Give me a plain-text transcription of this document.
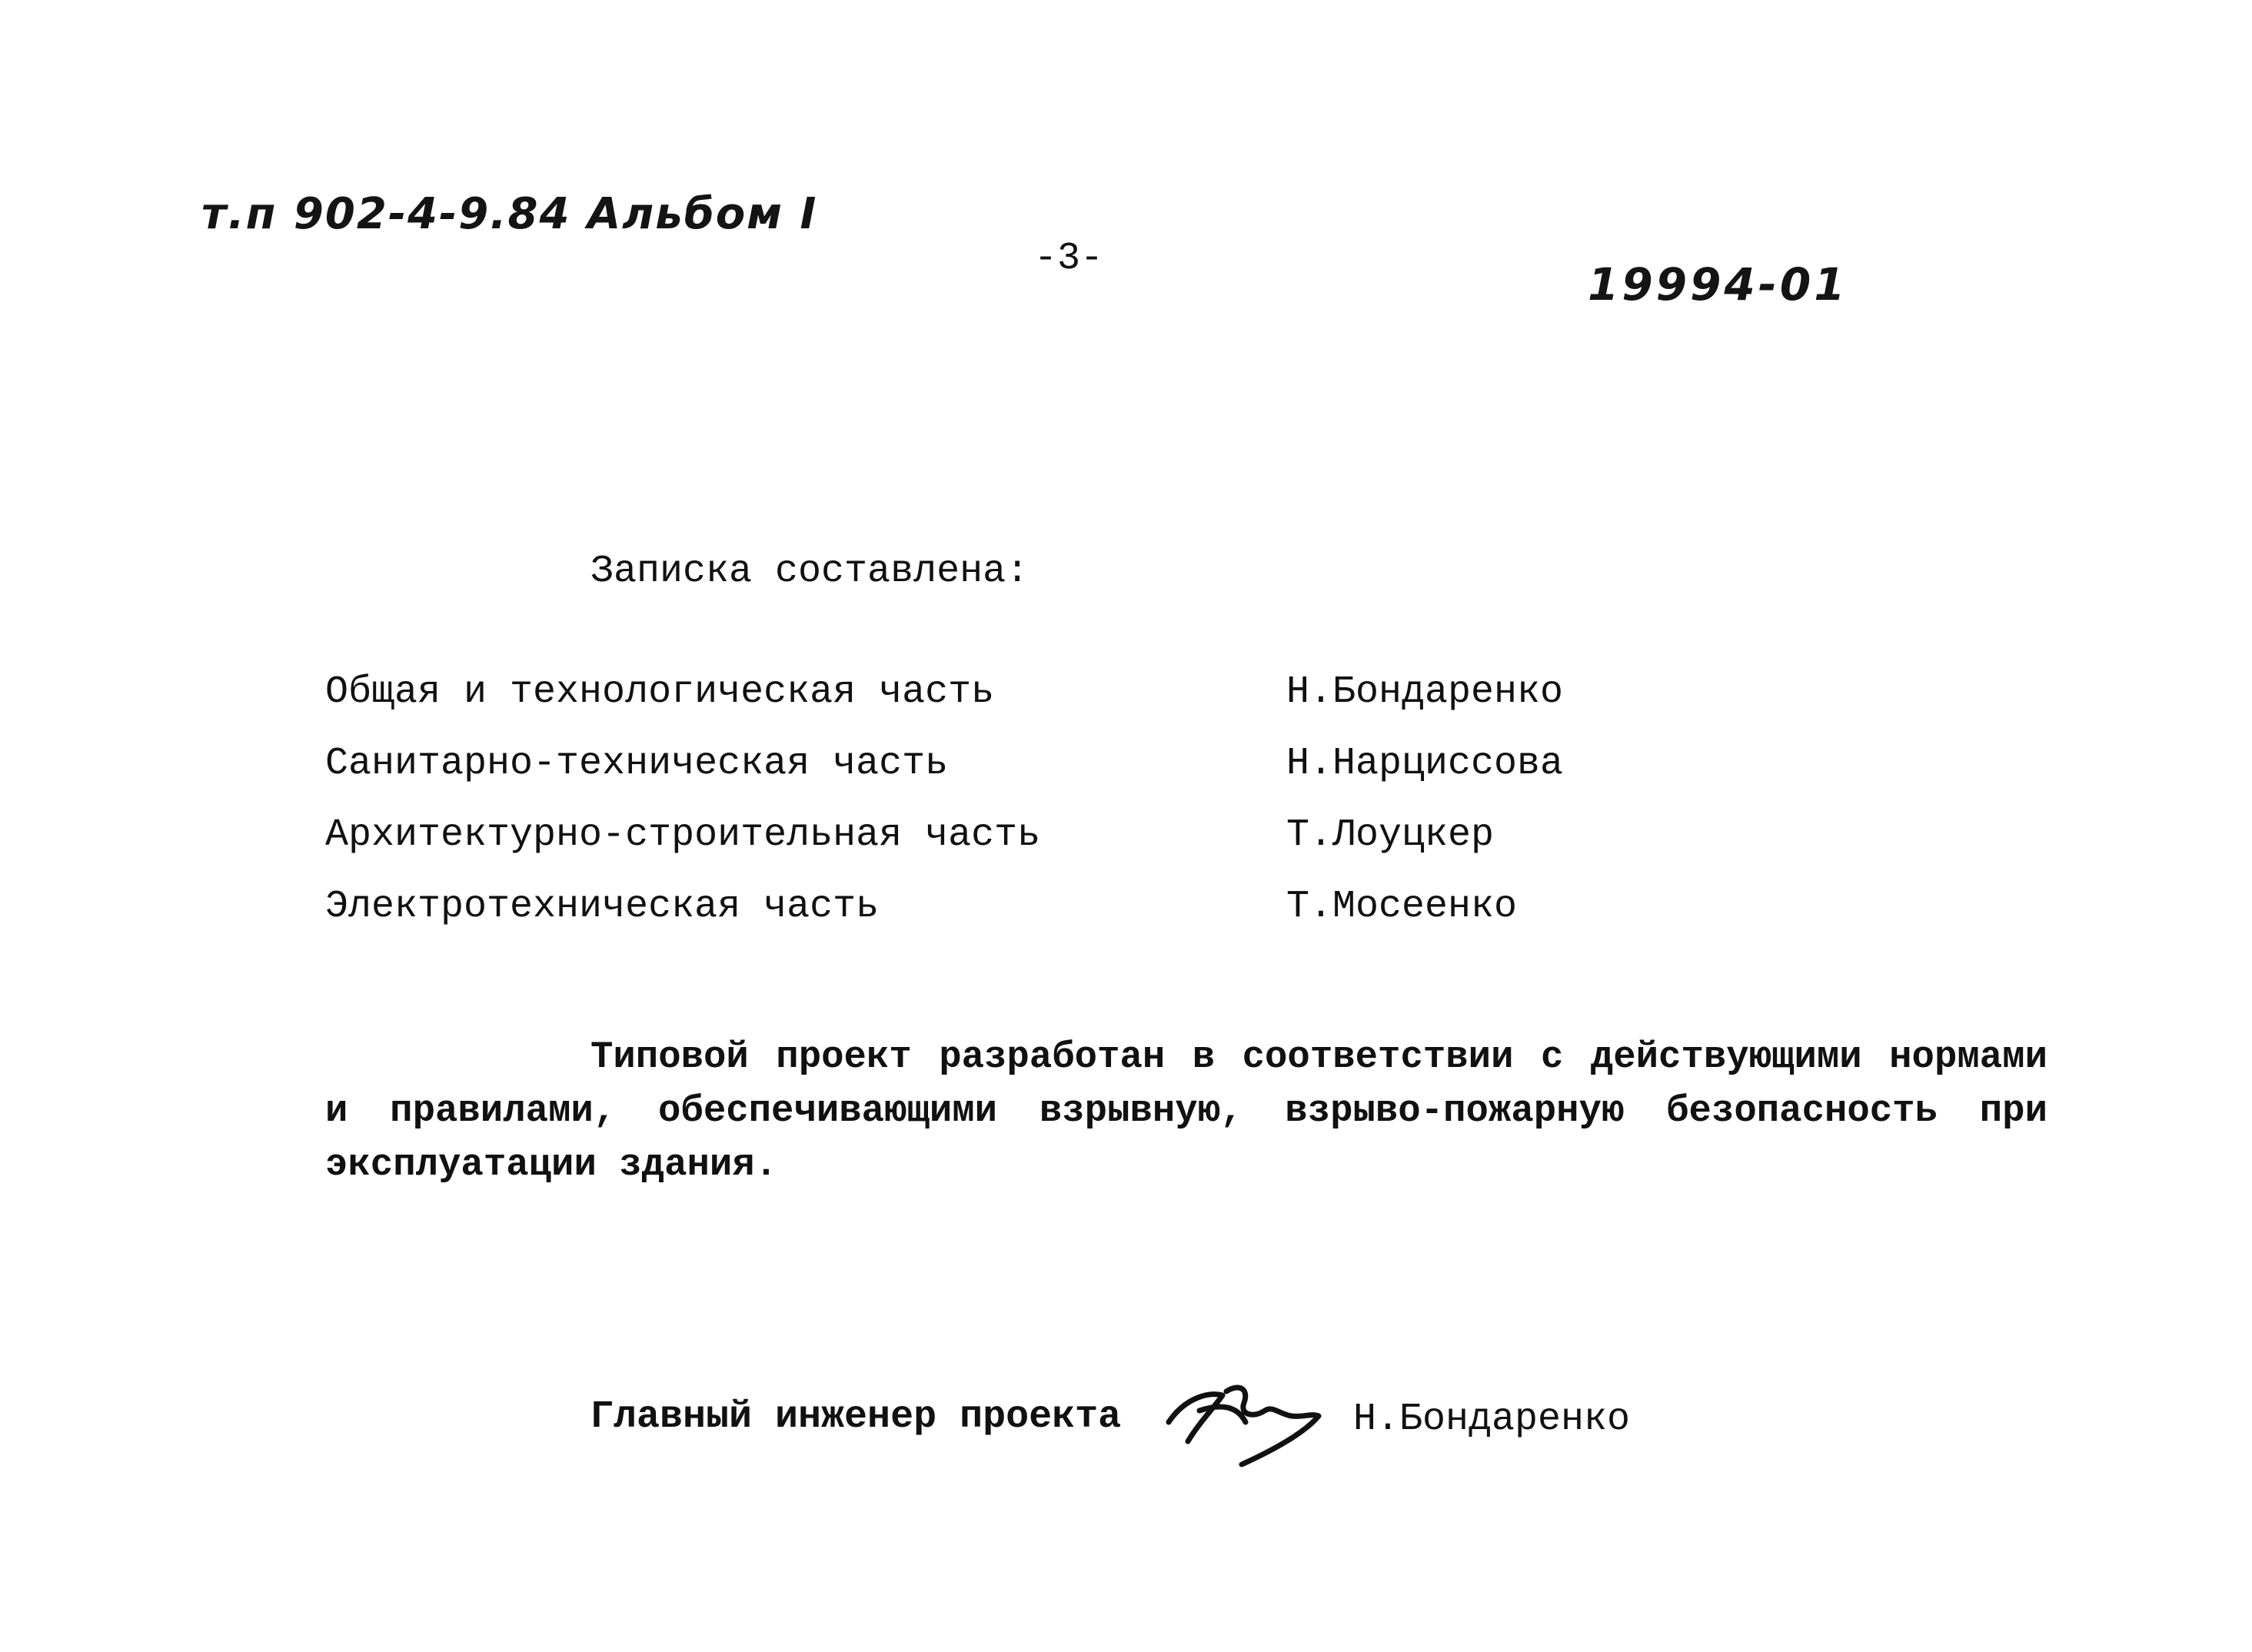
т.п 902-4-9.84 Альбом I
-3-	19994-01
Записка составлена:
Общая и технологическая часть	Н.Бондаренко
Санитарно-техническая часть	Н.Нарциссова
Архитектурно-строительная часть	Т.Лоуцкер
Электротехническая часть	Т.Мосеенко

Типовой проект разработан в соответствии с действующими нормами и правилами, обеспечивающими взрывную, взрыво-пожарную безопасность при эксплуатации здания.

Главный инженер проекта	Н.Бондаренко
